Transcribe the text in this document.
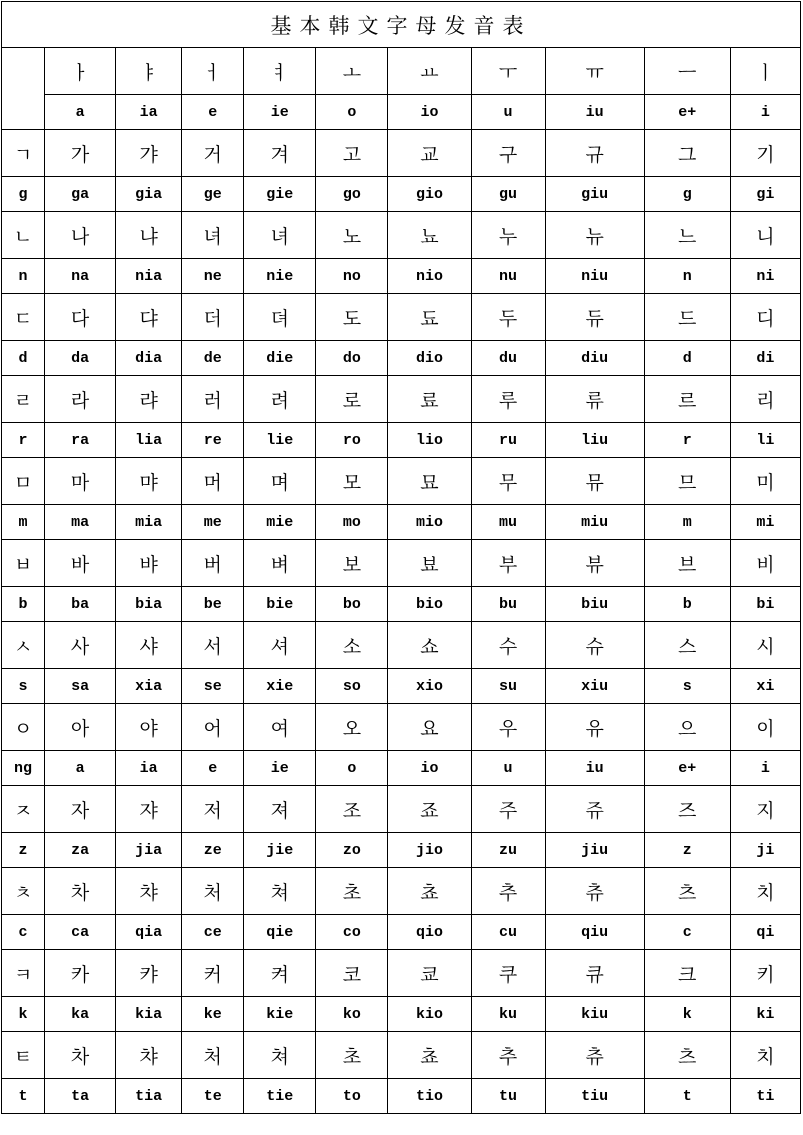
基本韩文字母发音表										
	ㅏ	ㅑ	ㅓ	ㅕ	ㅗ	ㅛ	ㅜ	ㅠ	ㅡ	ㅣ
	a	ia	e	ie	o	io	u	iu	e+	i
ㄱ	가	갸	거	겨	고	교	구	규	그	기
g	ga	gia	ge	gie	go	gio	gu	giu	g	gi
ㄴ	나	냐	녀	녀	노	뇨	누	뉴	느	니
n	na	nia	ne	nie	no	nio	nu	niu	n	ni
ㄷ	다	댜	더	뎌	도	됴	두	듀	드	디
d	da	dia	de	die	do	dio	du	diu	d	di
ㄹ	라	랴	러	려	로	료	루	류	르	리
r	ra	lia	re	lie	ro	lio	ru	liu	r	li
ㅁ	마	먀	머	며	모	묘	무	뮤	므	미
m	ma	mia	me	mie	mo	mio	mu	miu	m	mi
ㅂ	바	뱌	버	벼	보	뵤	부	뷰	브	비
b	ba	bia	be	bie	bo	bio	bu	biu	b	bi
ㅅ	사	샤	서	셔	소	쇼	수	슈	스	시
s	sa	xia	se	xie	so	xio	su	xiu	s	xi
ㅇ	아	야	어	여	오	요	우	유	으	이
ng	a	ia	e	ie	o	io	u	iu	e+	i
ㅈ	자	쟈	저	져	조	죠	주	쥬	즈	지
z	za	jia	ze	jie	zo	jio	zu	jiu	z	ji
ㅊ	차	챠	처	쳐	초	쵸	추	츄	츠	치
c	ca	qia	ce	qie	co	qio	cu	qiu	c	qi
ㅋ	카	캬	커	켜	코	쿄	쿠	큐	크	키
k	ka	kia	ke	kie	ko	kio	ku	kiu	k	ki
ㅌ	차	챠	처	쳐	초	쵸	추	츄	츠	치
t	ta	tia	te	tie	to	tio	tu	tiu	t	ti
